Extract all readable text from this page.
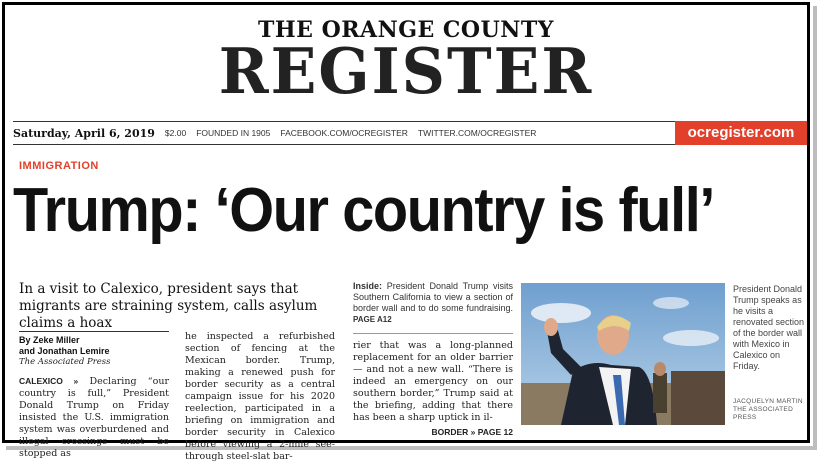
THE ORANGE COUNTY
REGISTER
Saturday, April 6, 2019 $2.00 FOUNDED IN 1905 FACEBOOK.COM/OCREGISTER TWITTER.COM/OCREGISTER	ocregister.com
IMMIGRATION
Trump: ‘Our country is full’
In a visit to Calexico, president says that migrants are straining system, calls asylum claims a hoax
By Zeke Miller
and Jonathan Lemire
The Associated Press
CALEXICO » Declaring “our country is full,” President Donald Trump on Friday insisted the U.S. immigration system was overburdened and illegal crossings must be stopped as
he inspected a refurbished section of fencing at the Mexican border. Trump, making a renewed push for border security as a central campaign issue for his 2020 reelection, participated in a briefing on immigration and border security in Calexico before viewing a 2-mile see-through steel-slat bar-
Inside: President Donald Trump visits Southern California to view a section of border wall and to do some fundraising. PAGE A12
rier that was a long-planned replacement for an older barrier — and not a new wall. “There is indeed an emergency on our southern border,” Trump said at the briefing, adding that there has been a sharp uptick in il-
BORDER » PAGE 12
President Donald Trump speaks as he visits a renovated section of the border wall with Mexico in Calexico on Friday.
JACQUELYN MARTIN THE ASSOCIATED PRESS
